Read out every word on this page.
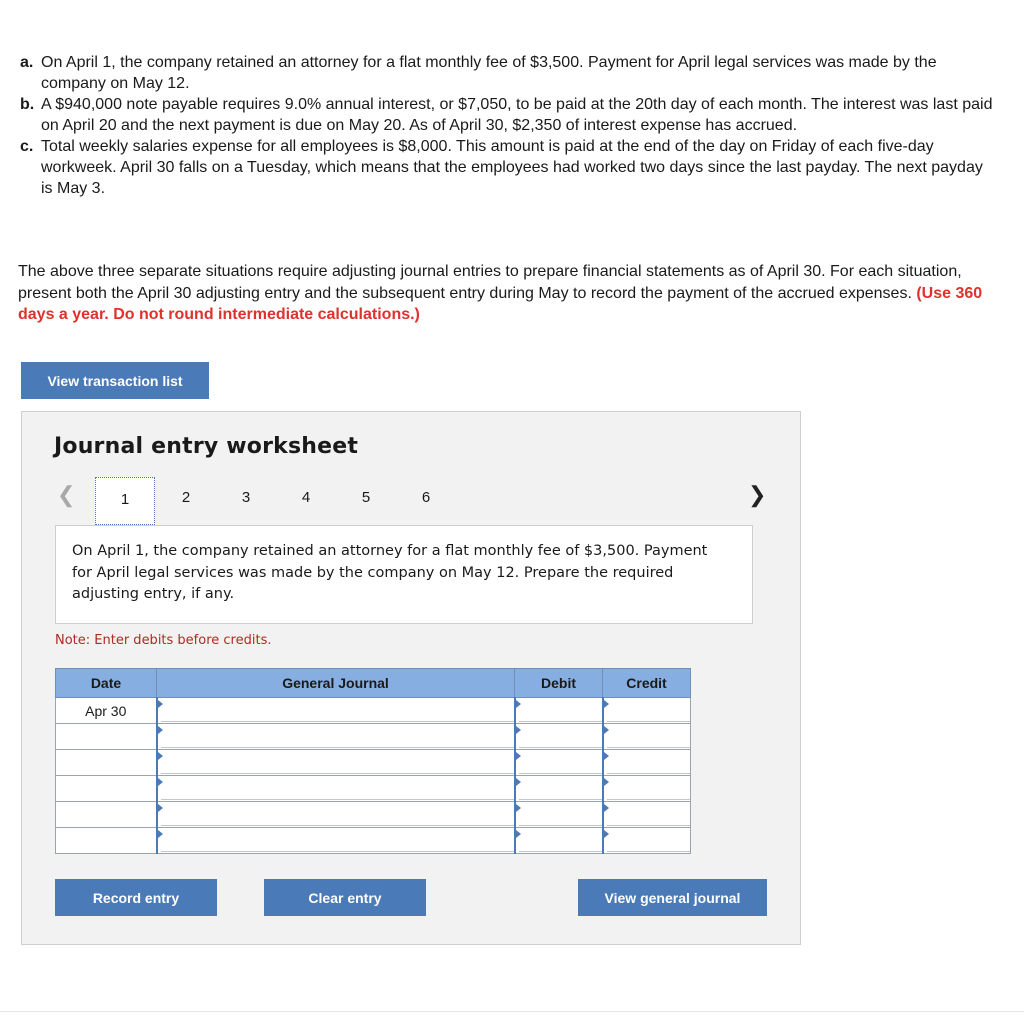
a. On April 1, the company retained an attorney for a flat monthly fee of $3,500. Payment for April legal services was made by the company on May 12.
b. A $940,000 note payable requires 9.0% annual interest, or $7,050, to be paid at the 20th day of each month. The interest was last paid on April 20 and the next payment is due on May 20. As of April 30, $2,350 of interest expense has accrued.
c. Total weekly salaries expense for all employees is $8,000. This amount is paid at the end of the day on Friday of each five-day workweek. April 30 falls on a Tuesday, which means that the employees had worked two days since the last payday. The next payday is May 3.

The above three separate situations require adjusting journal entries to prepare financial statements as of April 30. For each situation, present both the April 30 adjusting entry and the subsequent entry during May to record the payment of the accrued expenses. (Use 360 days a year. Do not round intermediate calculations.)

View transaction list
Journal entry worksheet
❮	❯
1	2	3	4	5	6

On April 1, the company retained an attorney for a flat monthly fee of $3,500. Payment for April legal services was made by the company on May 12. Prepare the required adjusting entry, if any.

Note: Enter debits before credits.
Date	General Journal	Debit	Credit
Apr 30			

Record entry	Clear entry	View general journal
